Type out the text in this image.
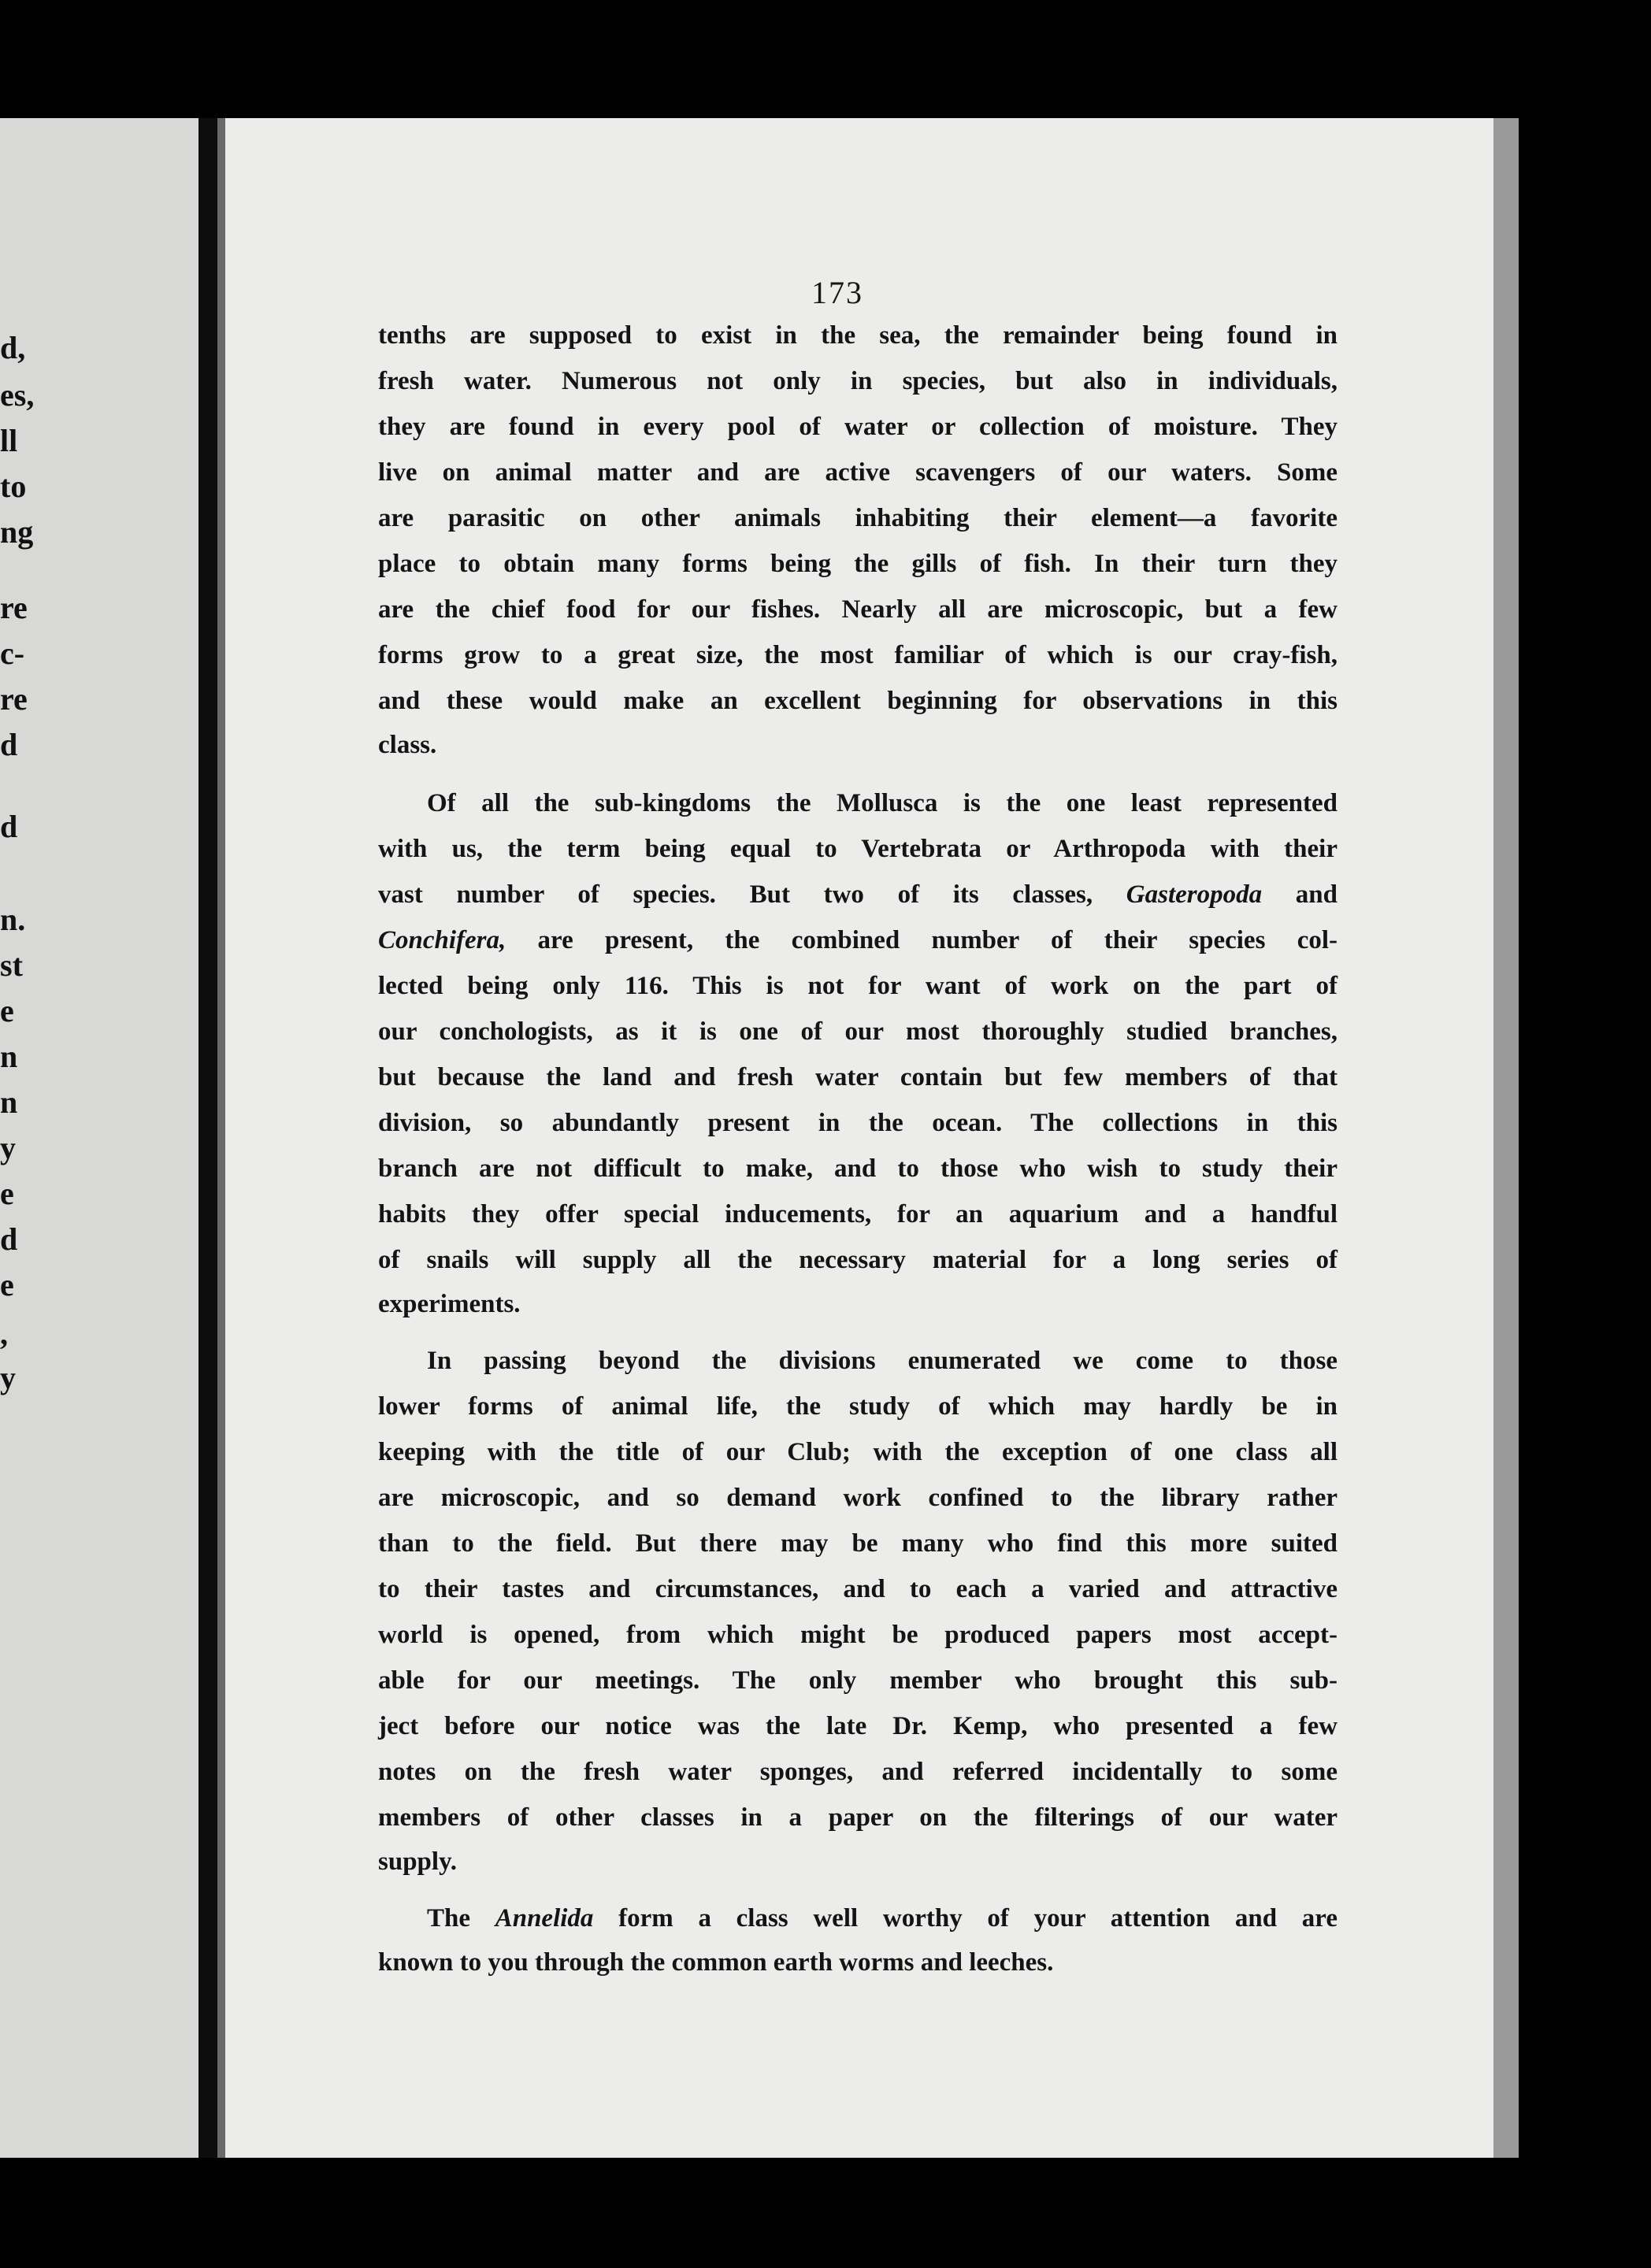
d,
es,
ll
to
ng
re
c-
re
d
d
n.
st
e
n
n
y
e
d
e
,
y
173
tenths are supposed to exist in the sea, the remainder being found in
fresh water. Numerous not only in species, but also in individuals,
they are found in every pool of water or collection of moisture. They
live on animal matter and are active scavengers of our waters. Some
are parasitic on other animals inhabiting their element—a favorite
place to obtain many forms being the gills of fish. In their turn they
are the chief food for our fishes. Nearly all are microscopic, but a few
forms grow to a great size, the most familiar of which is our cray-fish,
and these would make an excellent beginning for observations in this
class.
Of all the sub-kingdoms the Mollusca is the one least represented
with us, the term being equal to Vertebrata or Arthropoda with their
vast number of species. But two of its classes, Gasteropoda and
Conchifera, are present, the combined number of their species col-
lected being only 116. This is not for want of work on the part of
our conchologists, as it is one of our most thoroughly studied branches,
but because the land and fresh water contain but few members of that
division, so abundantly present in the ocean. The collections in this
branch are not difficult to make, and to those who wish to study their
habits they offer special inducements, for an aquarium and a handful
of snails will supply all the necessary material for a long series of
experiments.
In passing beyond the divisions enumerated we come to those
lower forms of animal life, the study of which may hardly be in
keeping with the title of our Club; with the exception of one class all
are microscopic, and so demand work confined to the library rather
than to the field. But there may be many who find this more suited
to their tastes and circumstances, and to each a varied and attractive
world is opened, from which might be produced papers most accept-
able for our meetings. The only member who brought this sub-
ject before our notice was the late Dr. Kemp, who presented a few
notes on the fresh water sponges, and referred incidentally to some
members of other classes in a paper on the filterings of our water
supply.
The Annelida form a class well worthy of your attention and are
known to you through the common earth worms and leeches.
